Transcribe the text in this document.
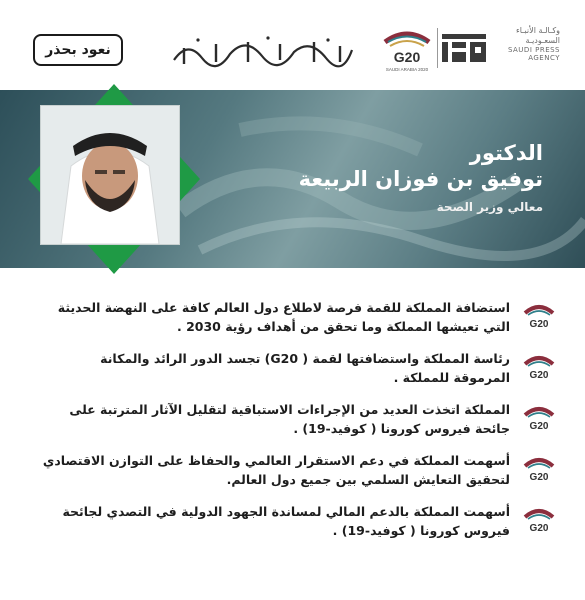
نعود بحذر	G20
SAUDI ARABIA 2020
وكـالـة الأنبـاء السعـوديـة
SAUDI PRESS
AGENCY
الدكتور
توفيق بن فوزان الربيعة
معالي وزير الصحة
G20
استضافة المملكة للقمة فرصة لاطلاع دول العالم كافة على النهضة الحديثة التي تعيشها المملكة وما تحقق من أهداف رؤية 2030 .
G20
رئاسة المملكة واستضافتها لقمة ( G20) تجسد الدور الرائد والمكانة المرموقة للمملكة .
G20
المملكة اتخذت العديد من الإجراءات الاستباقية لتقليل الآثار المترتبة على جائحة فيروس كورونا ( كوفيد-19) .
G20
أسهمت المملكة في دعم الاستقرار العالمي والحفاظ على التوازن الاقتصادي لتحقيق التعايش السلمي بين جميع دول العالم.
G20
أسهمت المملكة بالدعم المالي لمساندة الجهود الدولية في التصدي لجائحة فيروس كورونا ( كوفيد-19) .
